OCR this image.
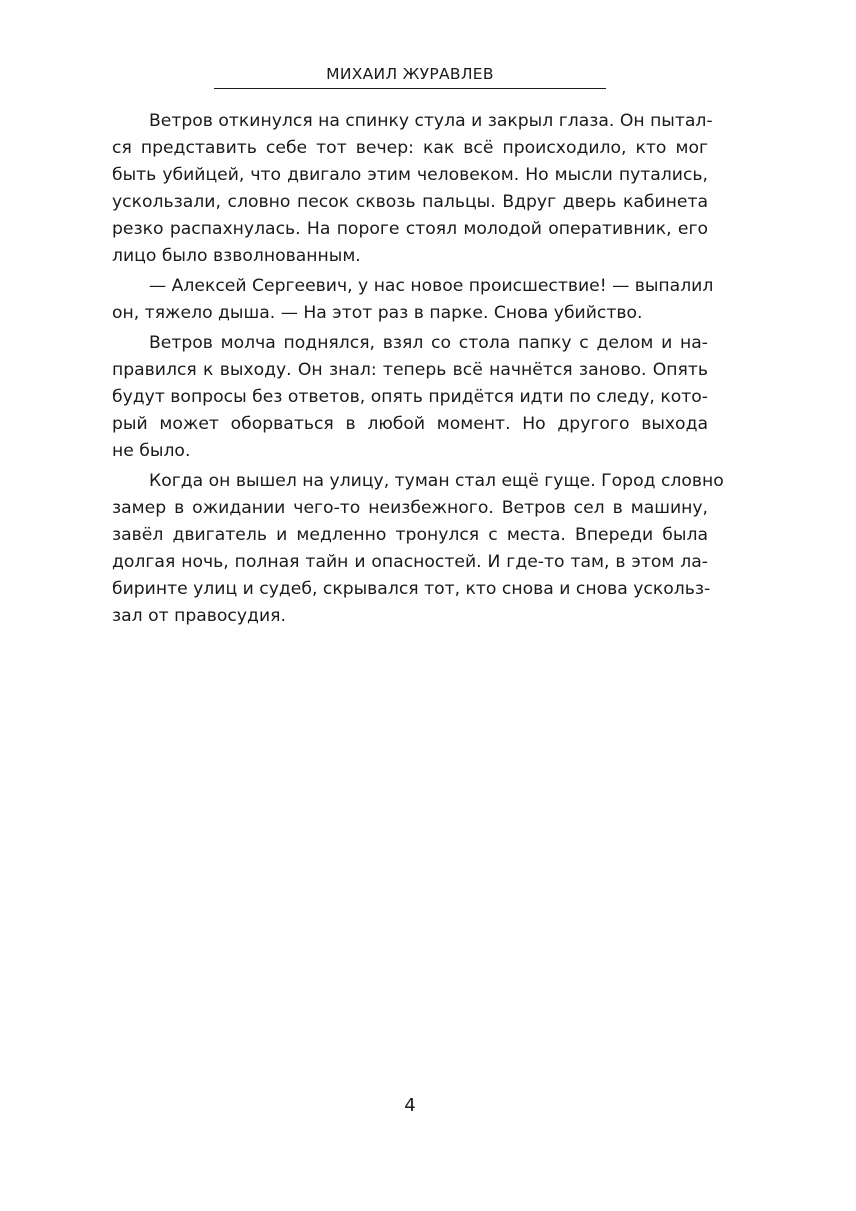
МИХАИЛ ЖУРАВЛЕВ

Ветров откинулся на спинку стула и закрыл глаза. Он пытал-
ся представить себе тот вечер: как всё происходило, кто мог
быть убийцей, что двигало этим человеком. Но мысли путались,
ускользали, словно песок сквозь пальцы. Вдруг дверь кабинета
резко распахнулась. На пороге стоял молодой оперативник, его
лицо было взволнованным.

— Алексей Сергеевич, у нас новое происшествие! — выпалил
он, тяжело дыша. — На этот раз в парке. Снова убийство.

Ветров молча поднялся, взял со стола папку с делом и на-
правился к выходу. Он знал: теперь всё начнётся заново. Опять
будут вопросы без ответов, опять придётся идти по следу, кото-
рый может оборваться в любой момент. Но другого выхода
не было.

Когда он вышел на улицу, туман стал ещё гуще. Город словно
замер в ожидании чего-то неизбежного. Ветров сел в машину,
завёл двигатель и медленно тронулся с места. Впереди была
долгая ночь, полная тайн и опасностей. И где-то там, в этом ла-
биринте улиц и судеб, скрывался тот, кто снова и снова ускольз-
зал от правосудия.

4
